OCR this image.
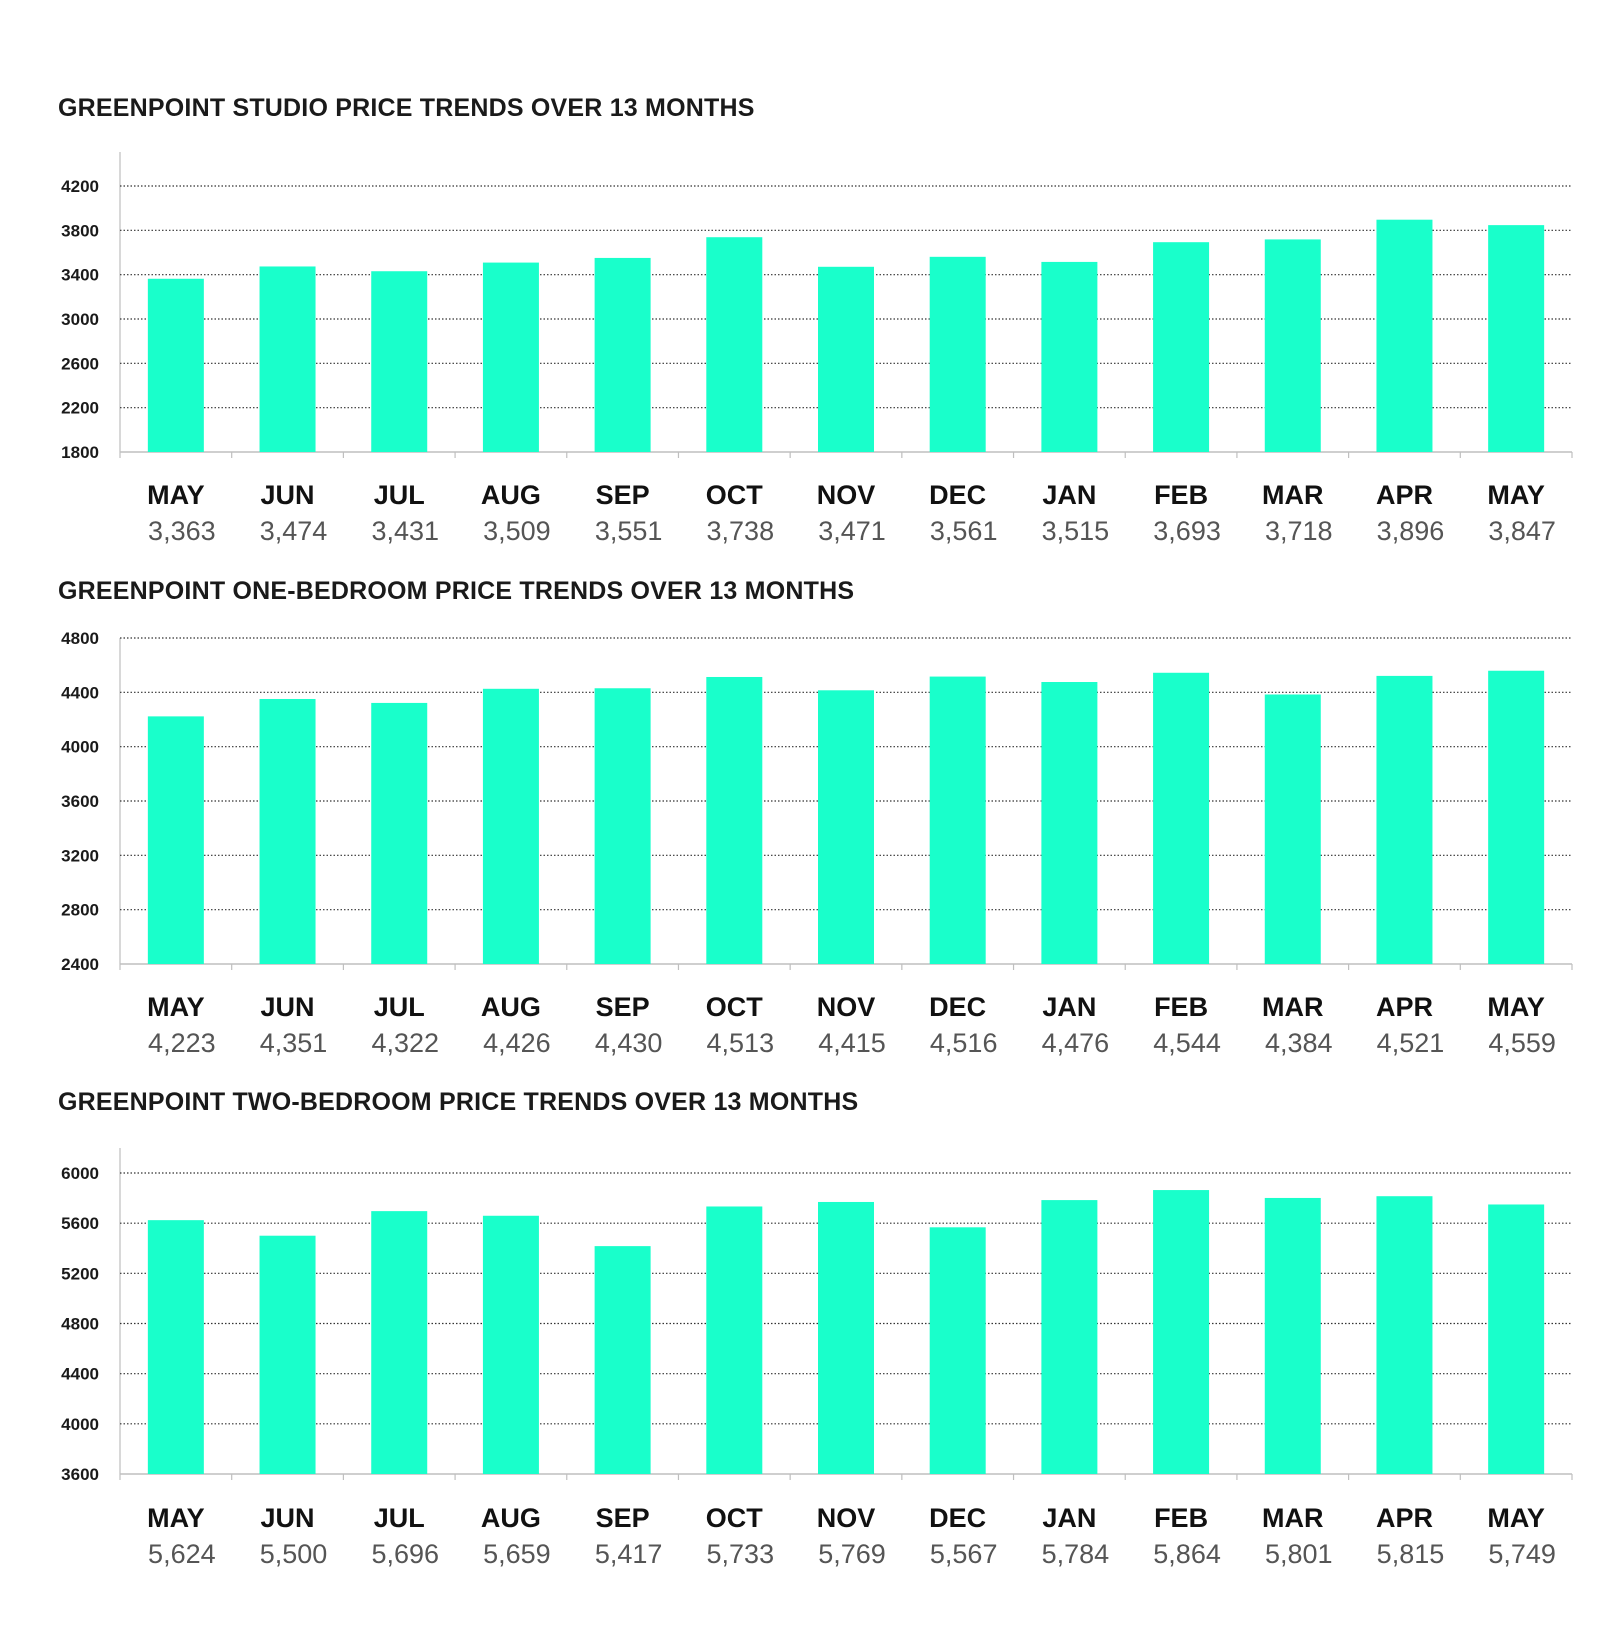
GREENPOINT STUDIO PRICE TRENDS OVER 13 MONTHS
1800
2200
2600
3000
3400
3800
4200
MAY
3,363
JUN
3,474
JUL
3,431
AUG
3,509
SEP
3,551
OCT
3,738
NOV
3,471
DEC
3,561
JAN
3,515
FEB
3,693
MAR
3,718
APR
3,896
MAY
3,847
GREENPOINT ONE-BEDROOM PRICE TRENDS OVER 13 MONTHS
2400
2800
3200
3600
4000
4400
4800
MAY
4,223
JUN
4,351
JUL
4,322
AUG
4,426
SEP
4,430
OCT
4,513
NOV
4,415
DEC
4,516
JAN
4,476
FEB
4,544
MAR
4,384
APR
4,521
MAY
4,559
GREENPOINT TWO-BEDROOM PRICE TRENDS OVER 13 MONTHS
3600
4000
4400
4800
5200
5600
6000
MAY
5,624
JUN
5,500
JUL
5,696
AUG
5,659
SEP
5,417
OCT
5,733
NOV
5,769
DEC
5,567
JAN
5,784
FEB
5,864
MAR
5,801
APR
5,815
MAY
5,749
